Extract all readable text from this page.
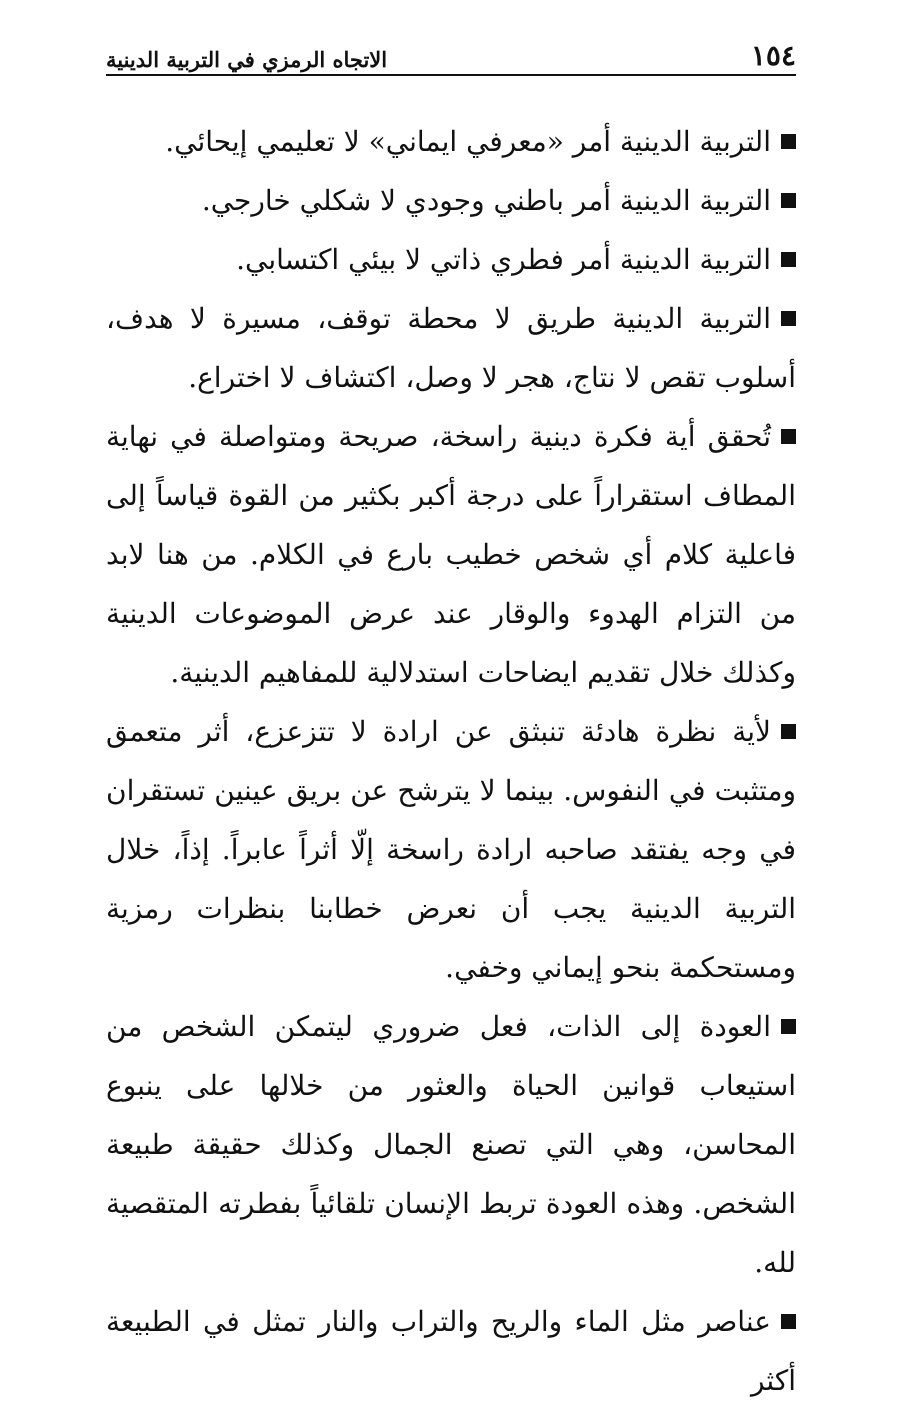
١٥٤
الاتجاه الرمزي في التربية الدينية

التربية الدينية أمر «معرفي ايماني» لا تعليمي إيحائي.

التربية الدينية أمر باطني وجودي لا شكلي خارجي.

التربية الدينية أمر فطري ذاتي لا بيئي اكتسابي.

التربية الدينية طريق لا محطة توقف، مسيرة لا هدف، أسلوب تقص لا نتاج، هجر لا وصل، اكتشاف لا اختراع.

تُحقق أية فكرة دينية راسخة، صريحة ومتواصلة في نهاية المطاف استقراراً على درجة أكبر بكثير من القوة قياساً إلى فاعلية كلام أي شخص خطيب بارع في الكلام. من هنا لابد من التزام الهدوء والوقار عند عرض الموضوعات الدينية وكذلك خلال تقديم ايضاحات استدلالية للمفاهيم الدينية.

لأية نظرة هادئة تنبثق عن ارادة لا تتزعزع، أثر متعمق ومتثبت في النفوس. بينما لا يترشح عن بريق عينين تستقران في وجه يفتقد صاحبه ارادة راسخة إلّا أثراً عابراً. إذاً، خلال التربية الدينية يجب أن نعرض خطابنا بنظرات رمزية ومستحكمة بنحو إيماني وخفي.

العودة إلى الذات، فعل ضروري ليتمكن الشخص من استيعاب قوانين الحياة والعثور من خلالها على ينبوع المحاسن، وهي التي تصنع الجمال وكذلك حقيقة طبيعة الشخص. وهذه العودة تربط الإنسان تلقائياً بفطرته المتقصية لله.

عناصر مثل الماء والريح والتراب والنار تمثل في الطبيعة أكثر
